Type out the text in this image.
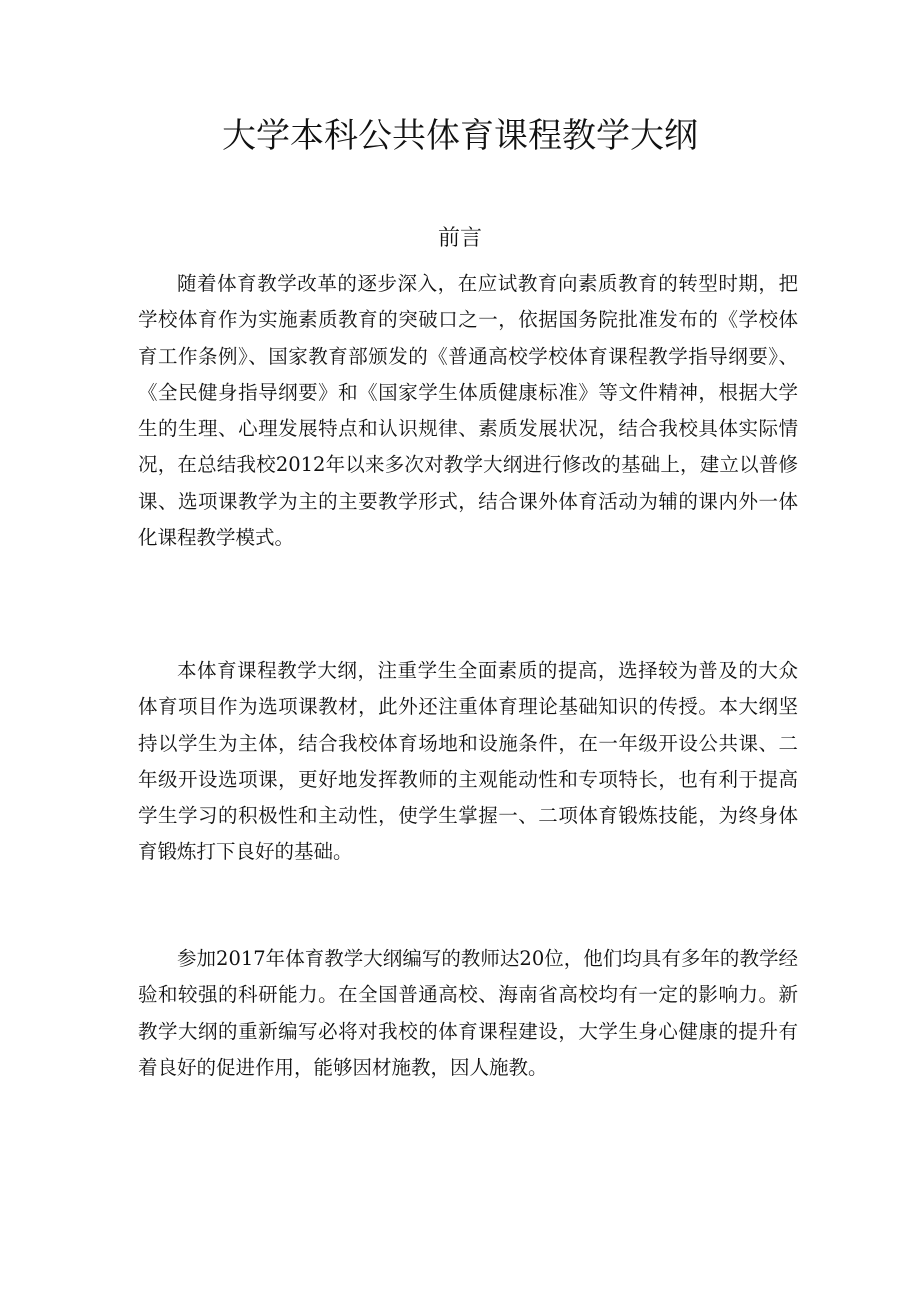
大学本科公共体育课程教学大纲
前言

随着体育教学改革的逐步深入，在应试教育向素质教育的转型时期，把学校体育作为实施素质教育的突破口之一，依据国务院批准发布的《学校体育工作条例》、国家教育部颁发的《普通高校学校体育课程教学指导纲要》、《全民健身指导纲要》和《国家学生体质健康标准》等文件精神，根据大学生的生理、心理发展特点和认识规律、素质发展状况，结合我校具体实际情况，在总结我校2012年以来多次对教学大纲进行修改的基础上，建立以普修课、选项课教学为主的主要教学形式，结合课外体育活动为辅的课内外一体化课程教学模式。

本体育课程教学大纲，注重学生全面素质的提高，选择较为普及的大众体育项目作为选项课教材，此外还注重体育理论基础知识的传授。本大纲坚持以学生为主体，结合我校体育场地和设施条件，在一年级开设公共课、二年级开设选项课，更好地发挥教师的主观能动性和专项特长，也有利于提高学生学习的积极性和主动性，使学生掌握一、二项体育锻炼技能，为终身体育锻炼打下良好的基础。

参加2017年体育教学大纲编写的教师达20位，他们均具有多年的教学经验和较强的科研能力。在全国普通高校、海南省高校均有一定的影响力。新教学大纲的重新编写必将对我校的体育课程建设，大学生身心健康的提升有着良好的促进作用，能够因材施教，因人施教。
